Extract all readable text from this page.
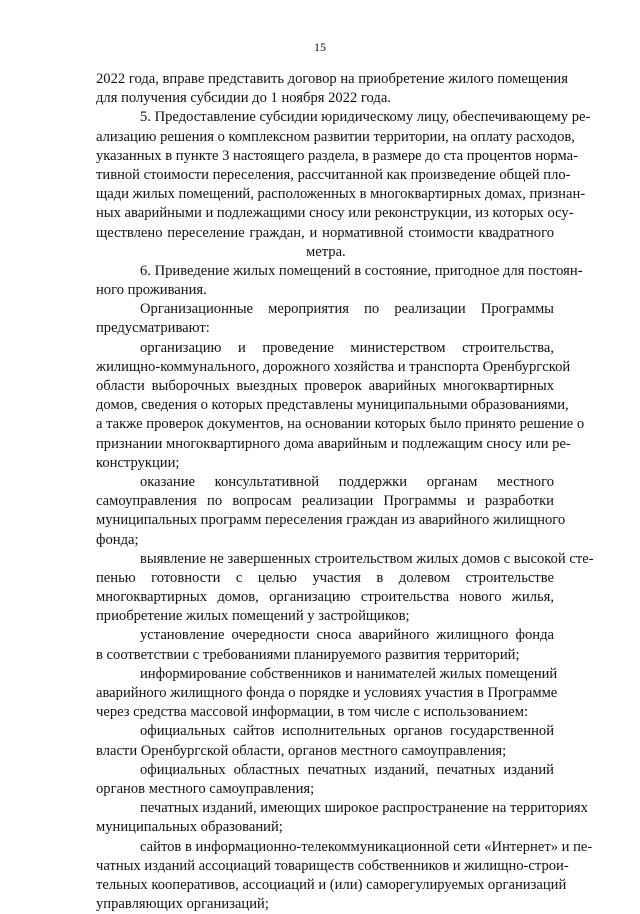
15
2022 года, вправе представить договор на приобретение жилого помещения
для получения субсидии до 1 ноября 2022 года.
5. Предоставление субсидии юридическому лицу, обеспечивающему ре-
ализацию решения о комплексном развитии территории, на оплату расходов,
указанных в пункте 3 настоящего раздела, в размере до ста процентов норма-
тивной стоимости переселения, рассчитанной как произведение общей пло-
щади жилых помещений, расположенных в многоквартирных домах, признан-
ных аварийными и подлежащими сносу или реконструкции, из которых осу-
ществлено переселение граждан, и нормативной стоимости квадратного
метра.
6. Приведение жилых помещений в состояние, пригодное для постоян-
ного проживания.
Организационные мероприятия по реализации Программы
предусматривают:
организацию и проведение министерством строительства,
жилищно-коммунального, дорожного хозяйства и транспорта Оренбургской
области выборочных выездных проверок аварийных многоквартирных
домов, сведения о которых представлены муниципальными образованиями,
а также проверок документов, на основании которых было принято решение о
признании многоквартирного дома аварийным и подлежащим сносу или ре-
конструкции;
оказание консультативной поддержки органам местного
самоуправления по вопросам реализации Программы и разработки
муниципальных программ переселения граждан из аварийного жилищного
фонда;
выявление не завершенных строительством жилых домов с высокой сте-
пенью готовности с целью участия в долевом строительстве
многоквартирных домов, организацию строительства нового жилья,
приобретение жилых помещений у застройщиков;
установление очередности сноса аварийного жилищного фонда
в соответствии с требованиями планируемого развития территорий;
информирование собственников и нанимателей жилых помещений
аварийного жилищного фонда о порядке и условиях участия в Программе
через средства массовой информации, в том числе с использованием:
официальных сайтов исполнительных органов государственной
власти Оренбургской области, органов местного самоуправления;
официальных областных печатных изданий, печатных изданий
органов местного самоуправления;
печатных изданий, имеющих широкое распространение на территориях
муниципальных образований;
сайтов в информационно-телекоммуникационной сети «Интернет» и пе-
чатных изданий ассоциаций товариществ собственников и жилищно-строи-
тельных кооперативов, ассоциаций и (или) саморегулируемых организаций
управляющих организаций;
